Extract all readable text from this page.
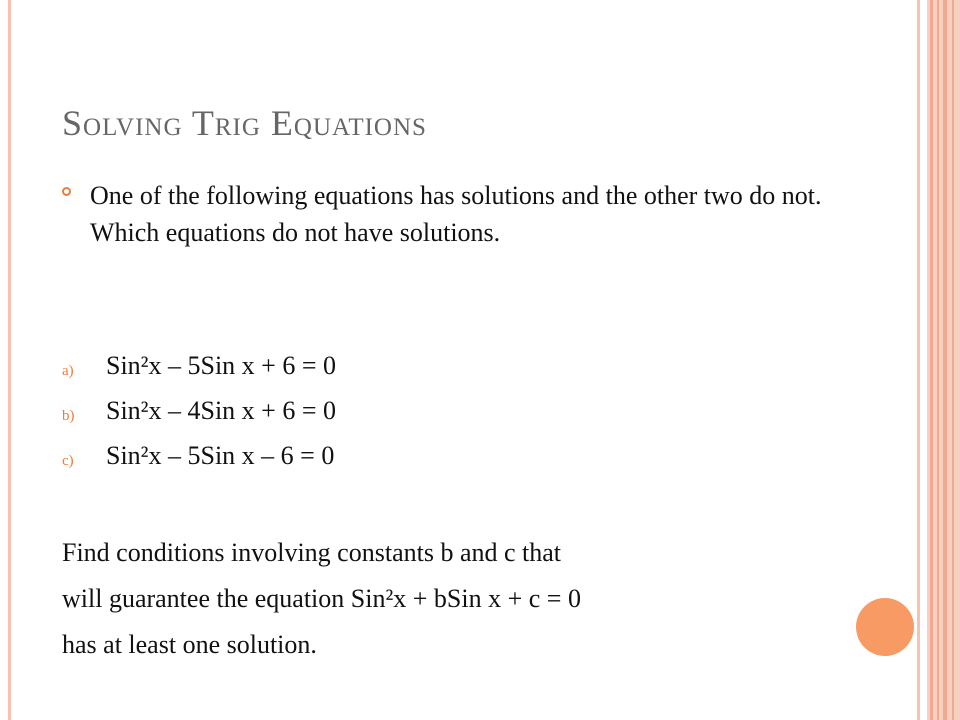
Solving Trig Equations
One of the following equations has solutions and the other two do not. Which equations do not have solutions.
a) Sin²x – 5Sin x + 6 = 0
b) Sin²x – 4Sin x + 6 = 0
c) Sin²x – 5Sin x – 6 = 0
Find conditions involving constants b and c that
will guarantee the equation Sin²x + bSin x + c = 0
has at least one solution.
